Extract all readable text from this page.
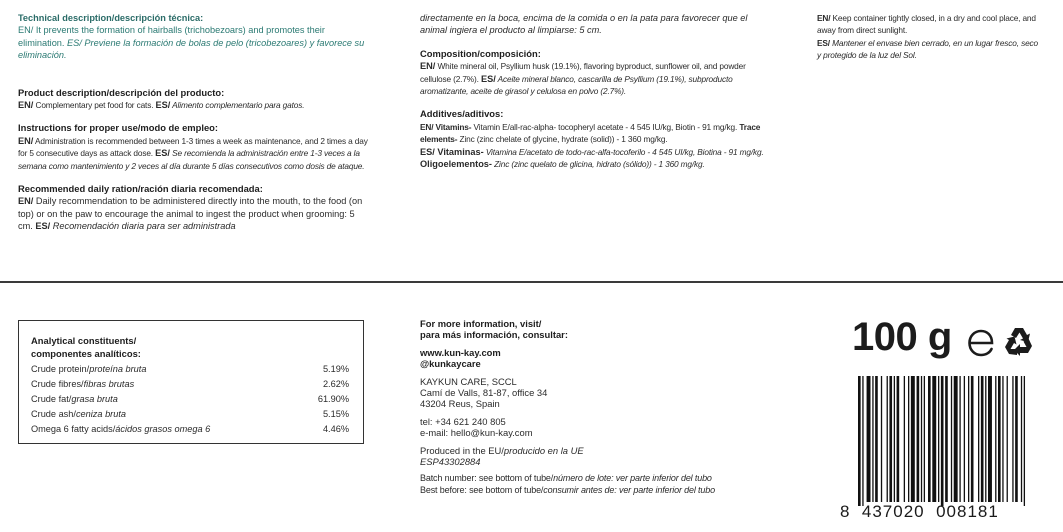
Technical description/descripción técnica:

EN/ It prevents the formation of hairballs (trichobezoars) and promotes their elimination. ES/ Previene la formación de bolas de pelo (tricobezoares) y favorece su eliminación.

Product description/descripción del producto:

EN/ Complementary pet food for cats. ES/ Alimento complementario para gatos.

Instructions for proper use/modo de empleo:

EN/ Administration is recommended between 1-3 times a week as maintenance, and 2 times a day for 5 consecutive days as attack dose. ES/ Se recomienda la administración entre 1-3 veces a la semana como mantenimiento y 2 veces al día durante 5 días consecutivos como dosis de ataque.

Recommended daily ration/ración diaria recomendada:

EN/ Daily recommendation to be administered directly into the mouth, to the food (on top) or on the paw to encourage the animal to ingest the product when grooming: 5 cm. ES/ Recomendación diaria para ser administrada

directamente en la boca, encima de la comida o en la pata para favorecer que el animal ingiera el producto al limpiarse: 5 cm.

Composition/composición:

EN/ White mineral oil, Psyllium husk (19.1%), flavoring byproduct, sunflower oil, and powder cellulose (2.7%). ES/ Aceite mineral blanco, cascarilla de Psyllium (19.1%), subproducto aromatizante, aceite de girasol y celulosa en polvo (2.7%).

Additives/aditivos:

EN/ Vitamins- Vitamin E/all-rac-alpha- tocopheryl acetate - 4 545 IU/kg, Biotin - 91 mg/kg. Trace elements- Zinc (zinc chelate of glycine, hydrate (solid)) - 1 360 mg/kg.

ES/ Vitaminas- Vitamina E/acetato de todo-rac-alfa-tocoferilo - 4 545 UI/kg, Biotina - 91 mg/kg. Oligoelementos- Zinc (zinc quelato de glicina, hidrato (sólido)) - 1 360 mg/kg.

EN/ Keep container tightly closed, in a dry and cool place, and away from direct sunlight.

ES/ Mantener el envase bien cerrado, en un lugar fresco, seco y protegido de la luz del Sol.

Analytical constituents/

componentes analíticos:

Crude protein/proteína bruta	5.19%
Crude fibres/fibras brutas	2.62%
Crude fat/grasa bruta	61.90%
Crude ash/ceniza bruta	5.15%
Omega 6 fatty acids/ácidos grasos omega 6	4.46%

For more information, visit/

para más información, consultar:

www.kun-kay.com

@kunkaycare

KAYKUN CARE, SCCL

Camí de Valls, 81-87, office 34

43204 Reus, Spain

tel: +34 621 240 805

e-mail: hello@kun-kay.com

Produced in the EU/producido en la UE

ESP43302884

Batch number: see bottom of tube/número de lote: ver parte inferior del tubo

Best before: see bottom of tube/consumir antes de: ver parte inferior del tubo

100 g
8  437020  008181
